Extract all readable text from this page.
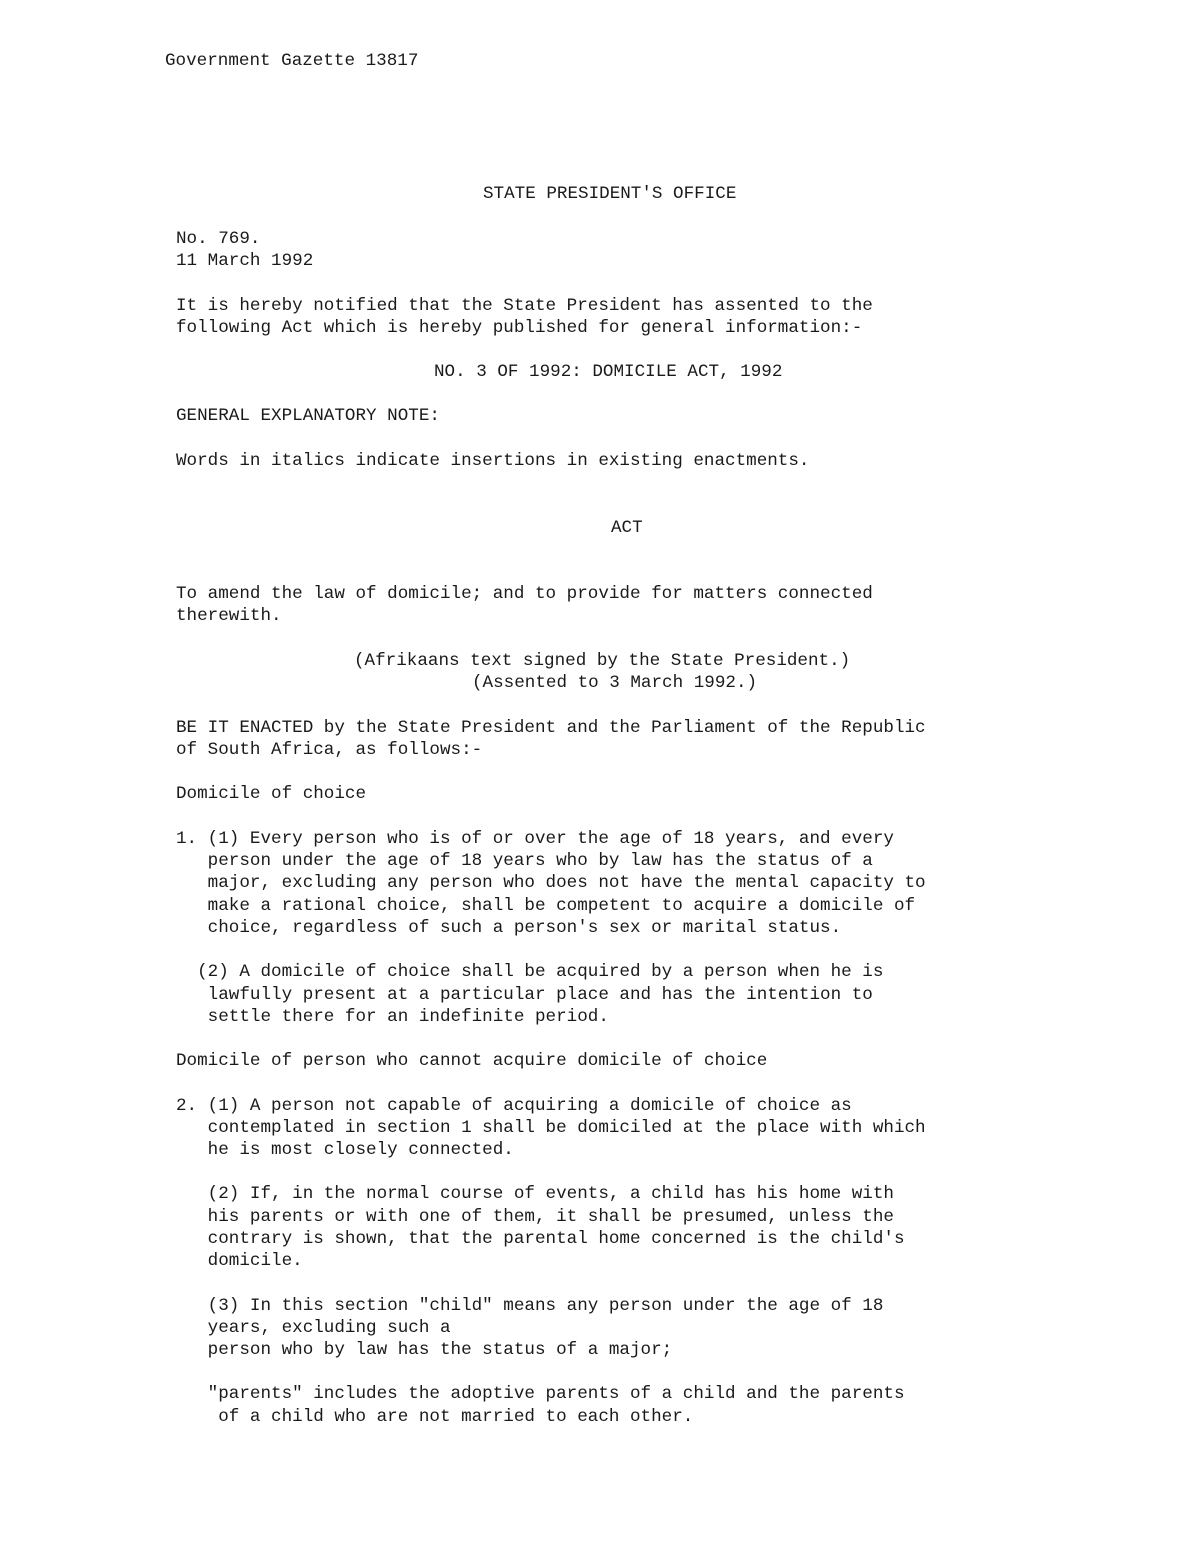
Government Gazette 13817

STATE PRESIDENT'S OFFICE

No. 769.

11 March 1992

It is hereby notified that the State President has assented to the

following Act which is hereby published for general information:-

NO. 3 OF 1992: DOMICILE ACT, 1992

GENERAL EXPLANATORY NOTE:

Words in italics indicate insertions in existing enactments.

ACT

To amend the law of domicile; and to provide for matters connected

therewith.

(Afrikaans text signed by the State President.)

(Assented to 3 March 1992.)

BE IT ENACTED by the State President and the Parliament of the Republic

of South Africa, as follows:-

Domicile of choice

1. (1) Every person who is of or over the age of 18 years, and every

person under the age of 18 years who by law has the status of a

major, excluding any person who does not have the mental capacity to

make a rational choice, shall be competent to acquire a domicile of

choice, regardless of such a person's sex or marital status.

(2) A domicile of choice shall be acquired by a person when he is

lawfully present at a particular place and has the intention to

settle there for an indefinite period.

Domicile of person who cannot acquire domicile of choice

2. (1) A person not capable of acquiring a domicile of choice as

contemplated in section 1 shall be domiciled at the place with which

he is most closely connected.

(2) If, in the normal course of events, a child has his home with

his parents or with one of them, it shall be presumed, unless the

contrary is shown, that the parental home concerned is the child's

domicile.

(3) In this section "child" means any person under the age of 18

years, excluding such a

person who by law has the status of a major;

"parents" includes the adoptive parents of a child and the parents

of a child who are not married to each other.
